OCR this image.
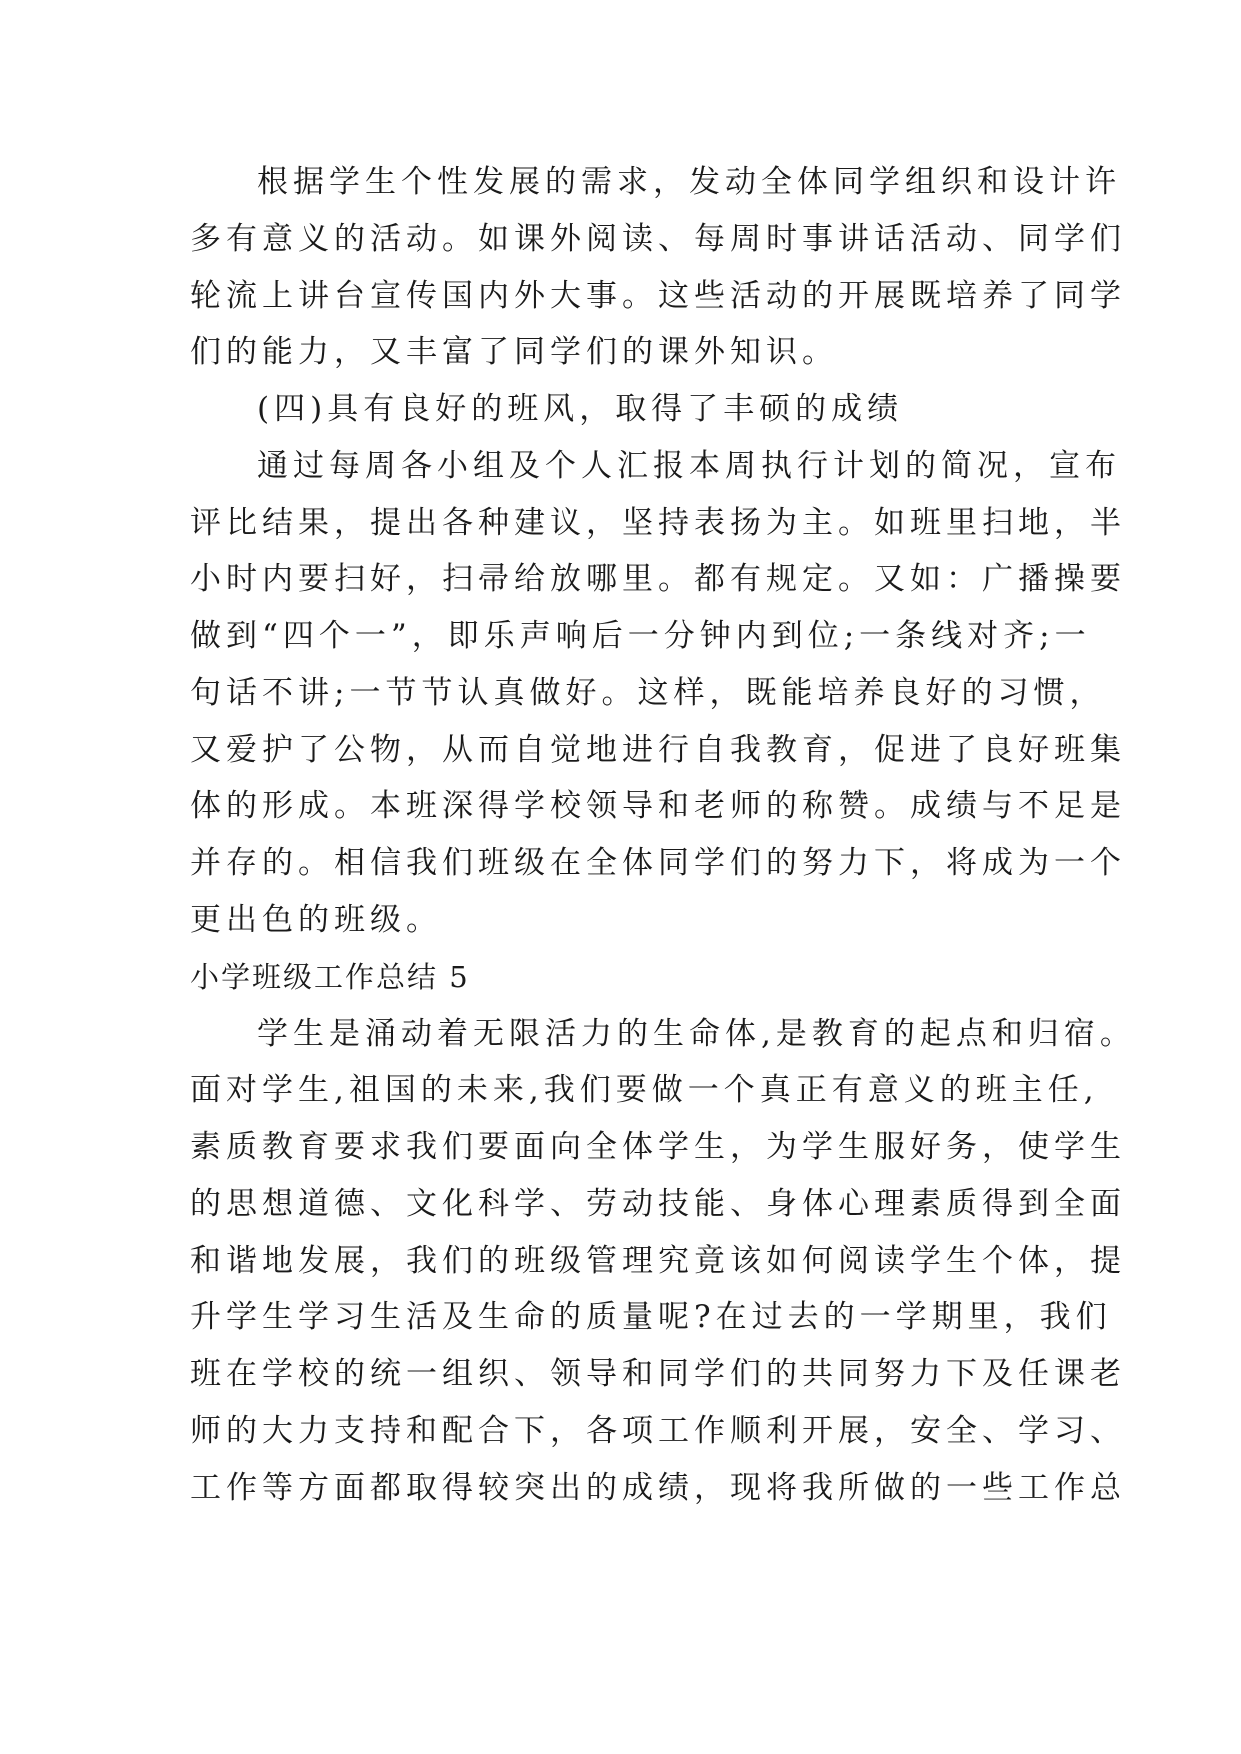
根据学生个性发展的需求，发动全体同学组织和设计许
多有意义的活动。如课外阅读、每周时事讲话活动、同学们
轮流上讲台宣传国内外大事。这些活动的开展既培养了同学
们的能力，又丰富了同学们的课外知识。
(四)具有良好的班风，取得了丰硕的成绩
通过每周各小组及个人汇报本周执行计划的简况，宣布
评比结果，提出各种建议，坚持表扬为主。如班里扫地，半
小时内要扫好，扫帚给放哪里。都有规定。又如：广播操要
做到“四个一”，即乐声响后一分钟内到位;一条线对齐;一
句话不讲;一节节认真做好。这样，既能培养良好的习惯，
又爱护了公物，从而自觉地进行自我教育，促进了良好班集
体的形成。本班深得学校领导和老师的称赞。成绩与不足是
并存的。相信我们班级在全体同学们的努力下，将成为一个
更出色的班级。
小学班级工作总结 5
学生是涌动着无限活力的生命体,是教育的起点和归宿。
面对学生,祖国的未来,我们要做一个真正有意义的班主任,
素质教育要求我们要面向全体学生，为学生服好务，使学生
的思想道德、文化科学、劳动技能、身体心理素质得到全面
和谐地发展，我们的班级管理究竟该如何阅读学生个体，提
升学生学习生活及生命的质量呢?在过去的一学期里，我们
班在学校的统一组织、领导和同学们的共同努力下及任课老
师的大力支持和配合下，各项工作顺利开展，安全、学习、
工作等方面都取得较突出的成绩，现将我所做的一些工作总
